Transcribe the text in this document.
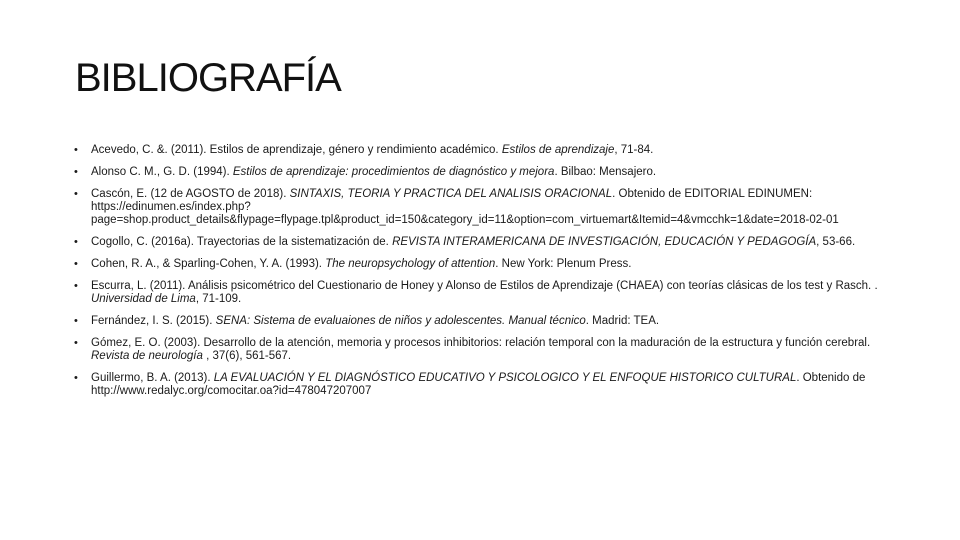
BIBLIOGRAFÍA
• Acevedo, C. &. (2011). Estilos de aprendizaje, género y rendimiento académico. Estilos de aprendizaje, 71-84.
• Alonso C. M., G. D. (1994). Estilos de aprendizaje: procedimientos de diagnóstico y mejora. Bilbao: Mensajero.
• Cascón, E. (12 de AGOSTO de 2018). SINTAXIS, TEORIA Y PRACTICA DEL ANALISIS ORACIONAL. Obtenido de EDITORIAL EDINUMEN: https://edinumen.es/index.php?page=shop.product_details&flypage=flypage.tpl&product_id=150&category_id=11&option=com_virtuemart&Itemid=4&vmcchk=1&date=2018-02-01
• Cogollo, C. (2016a). Trayectorias de la sistematización de. REVISTA INTERAMERICANA DE INVESTIGACIÓN, EDUCACIÓN Y PEDAGOGÍA, 53-66.
• Cohen, R. A., & Sparling-Cohen, Y. A. (1993). The neuropsychology of attention. New York: Plenum Press.
• Escurra, L. (2011). Análisis psicométrico del Cuestionario de Honey y Alonso de Estilos de Aprendizaje (CHAEA) con teorías clásicas de los test y Rasch. . Universidad de Lima, 71-109.
• Fernández, I. S. (2015). SENA: Sistema de evaluaiones de niños y adolescentes. Manual técnico. Madrid: TEA.
• Gómez, E. O. (2003). Desarrollo de la atención, memoria y procesos inhibitorios: relación temporal con la maduración de la estructura y función cerebral. Revista de neurología , 37(6), 561-567.
• Guillermo, B. A. (2013). LA EVALUACIÓN Y EL DIAGNÓSTICO EDUCATIVO Y PSICOLOGICO Y EL ENFOQUE HISTORICO CULTURAL. Obtenido de http://www.redalyc.org/comocitar.oa?id=478047207007
